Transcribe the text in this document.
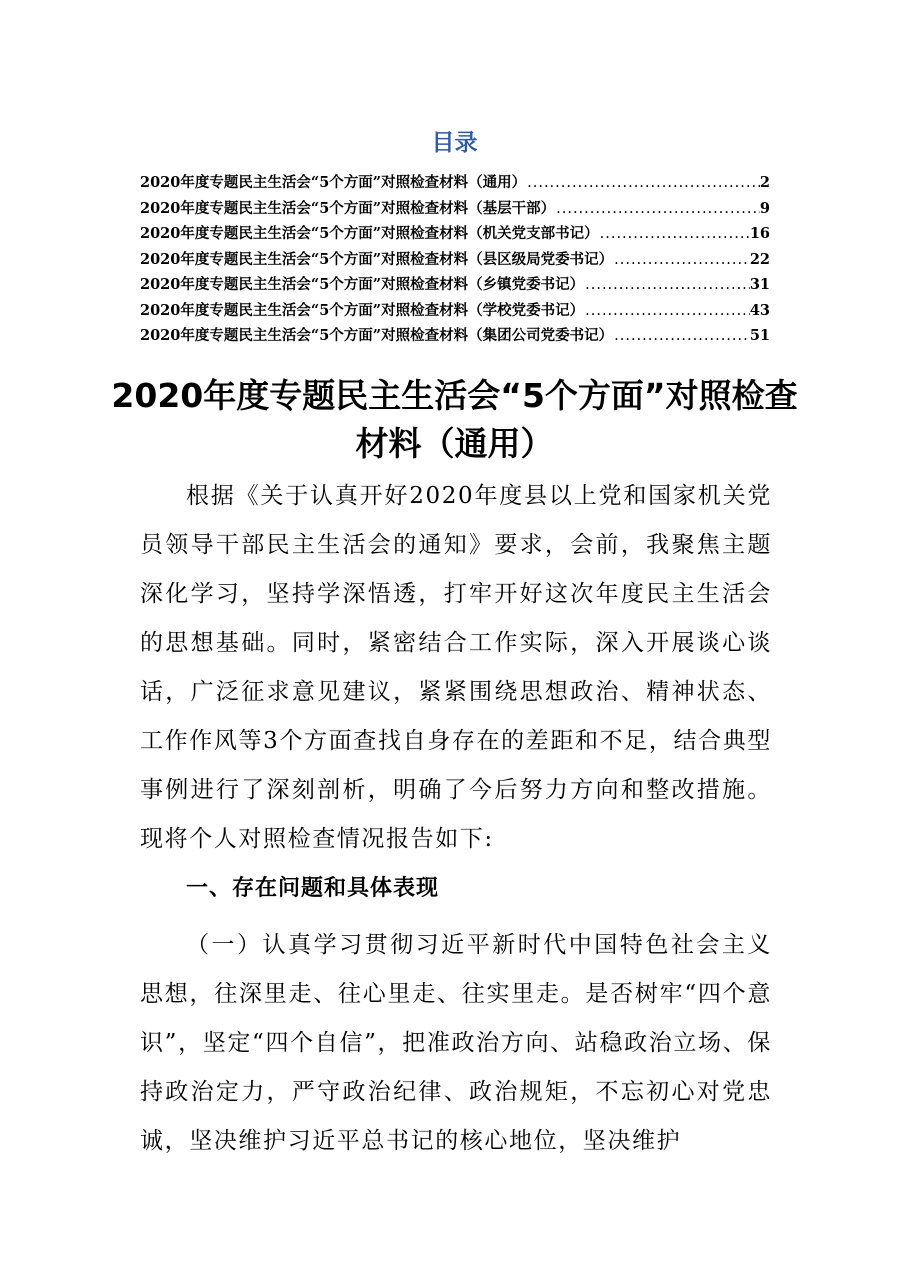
目录
2020年度专题民主生活会“5个方面”对照检查材料（通用） .....	2
2020年度专题民主生活会“5个方面”对照检查材料（基层干部） .....	9
2020年度专题民主生活会“5个方面”对照检查材料（机关党支部书记） .....	16
2020年度专题民主生活会“5个方面”对照检查材料（县区级局党委书记） .....	22
2020年度专题民主生活会“5个方面”对照检查材料（乡镇党委书记） .....	31
2020年度专题民主生活会“5个方面”对照检查材料（学校党委书记） .....	43
2020年度专题民主生活会“5个方面”对照检查材料（集团公司党委书记） .....	51
2020年度专题民主生活会“5个方面”对照检查材料（通用）

根据《关于认真开好2020年度县以上党和国家机关党员领导干部民主生活会的通知》要求，会前，我聚焦主题深化学习，坚持学深悟透，打牢开好这次年度民主生活会的思想基础。同时，紧密结合工作实际，深入开展谈心谈话，广泛征求意见建议，紧紧围绕思想政治、精神状态、工作作风等3个方面查找自身存在的差距和不足，结合典型事例进行了深刻剖析，明确了今后努力方向和整改措施。现将个人对照检查情况报告如下:

一、存在问题和具体表现

（一）认真学习贯彻习近平新时代中国特色社会主义思想，往深里走、往心里走、往实里走。是否树牢“四个意识”，坚定“四个自信”，把准政治方向、站稳政治立场、保持政治定力，严守政治纪律、政治规矩，不忘初心对党忠诚，坚决维护习近平总书记的核心地位，坚决维护
